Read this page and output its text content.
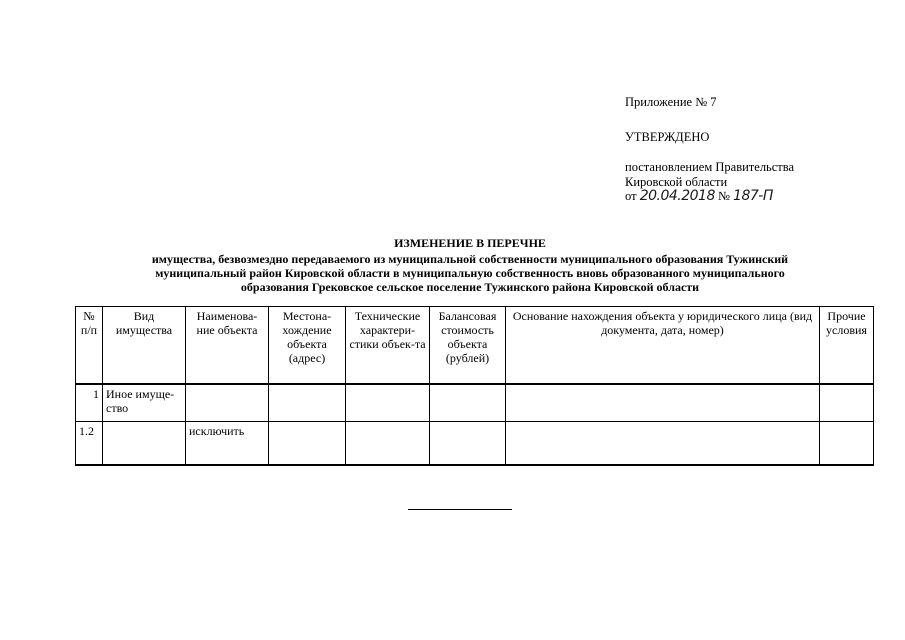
Приложение № 7
УТВЕРЖДЕНО
постановлением Правительства
Кировской области
от 20.04.2018 № 187-П
ИЗМЕНЕНИЕ В ПЕРЕЧНЕ
имущества, безвозмездно передаваемого из муниципальной собственности муниципального образования Тужинский
муниципальный район Кировской области в муниципальную собственность вновь образованного муниципального
образования Грековское сельское поселение Тужинского района Кировской области
№ п/п	Вид имущества	Наименова-ние объекта	Местона-хождение объекта (адрес)	Технические характери-стики объек-та	Балансовая стоимость объекта (рублей)	Основание нахождения объекта у юридического лица (вид документа, дата, номер)	Прочие условия
1	Иное имуще-ство						
1.2		исключить					
